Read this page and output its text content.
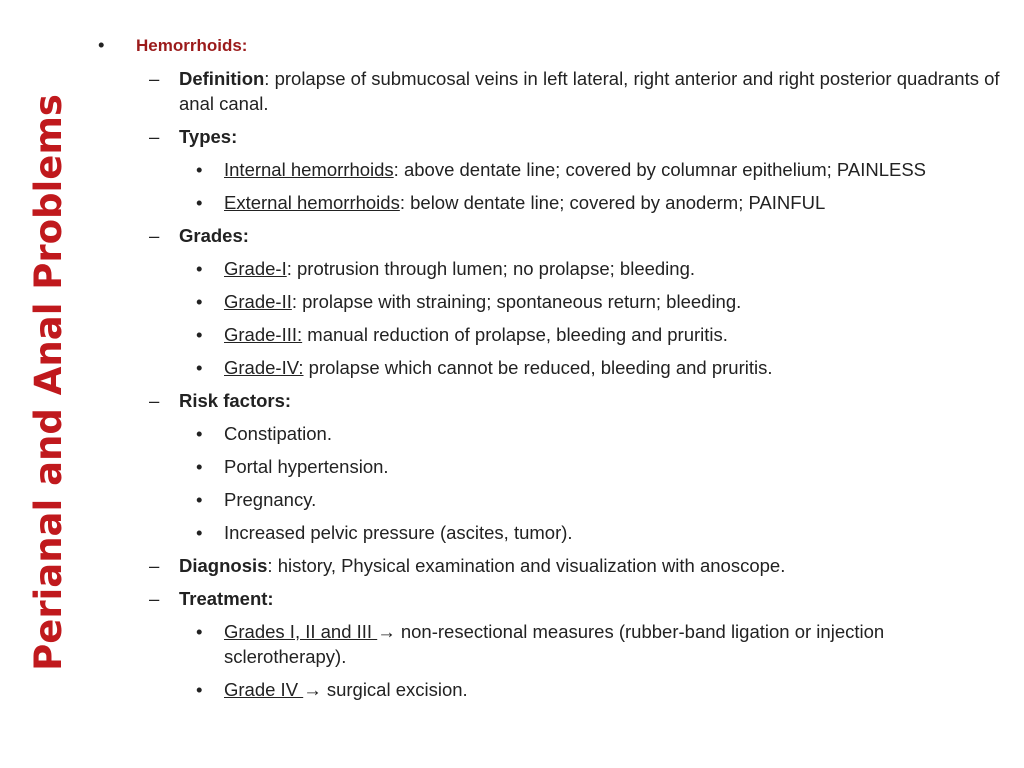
Perianal and Anal Problems
• Hemorrhoids:
– Definition: prolapse of submucosal veins in left lateral, right anterior and right posterior quadrants of anal canal.
– Types:
• Internal hemorrhoids: above dentate line; covered by columnar epithelium; PAINLESS
• External hemorrhoids: below dentate line; covered by anoderm; PAINFUL
– Grades:
• Grade-I: protrusion through lumen; no prolapse; bleeding.
• Grade-II: prolapse with straining; spontaneous return; bleeding.
• Grade-III: manual reduction of prolapse, bleeding and pruritis.
• Grade-IV: prolapse which cannot be reduced, bleeding and pruritis.
– Risk factors:
• Constipation.
• Portal hypertension.
• Pregnancy.
• Increased pelvic pressure (ascites, tumor).
– Diagnosis: history, Physical examination and visualization with anoscope.
– Treatment:
• Grades I, II and III → non-resectional measures (rubber-band ligation or injection sclerotherapy).
• Grade IV → surgical excision.
